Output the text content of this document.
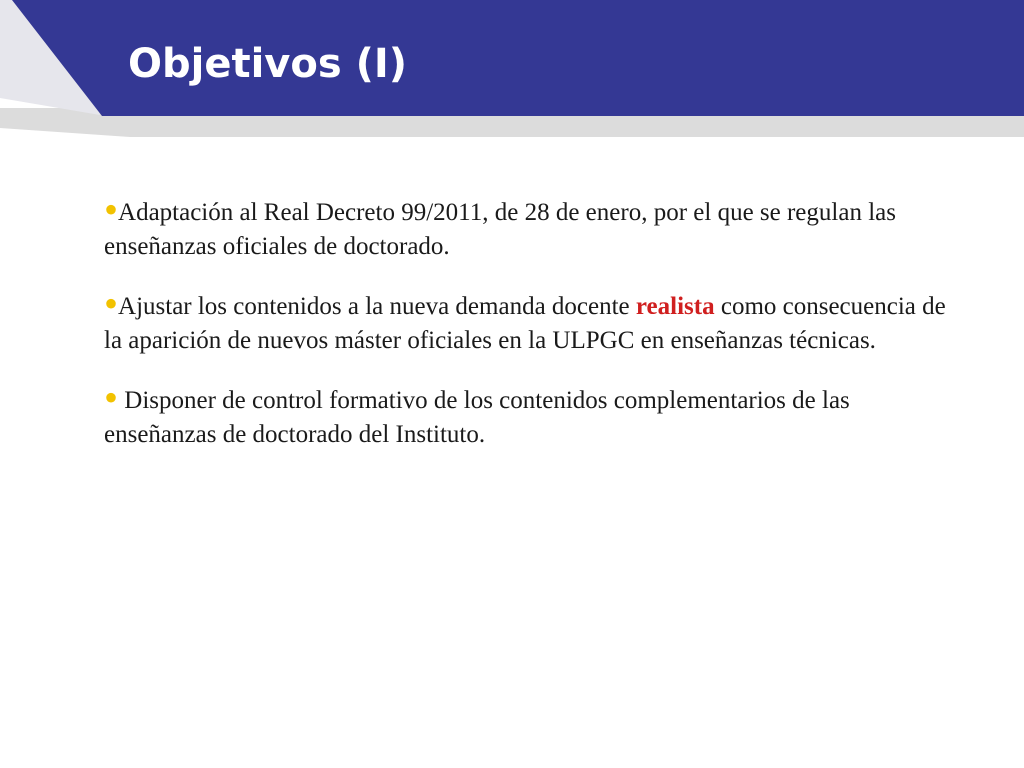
Objetivos (I)

•Adaptación al Real Decreto 99/2011, de 28 de enero, por el que se regulan las enseñanzas oficiales de doctorado.

•Ajustar los contenidos a la nueva demanda docente realista como consecuencia de la aparición de nuevos máster oficiales en la ULPGC en enseñanzas técnicas.

• Disponer de control formativo de los contenidos complementarios de las enseñanzas de doctorado del Instituto.
